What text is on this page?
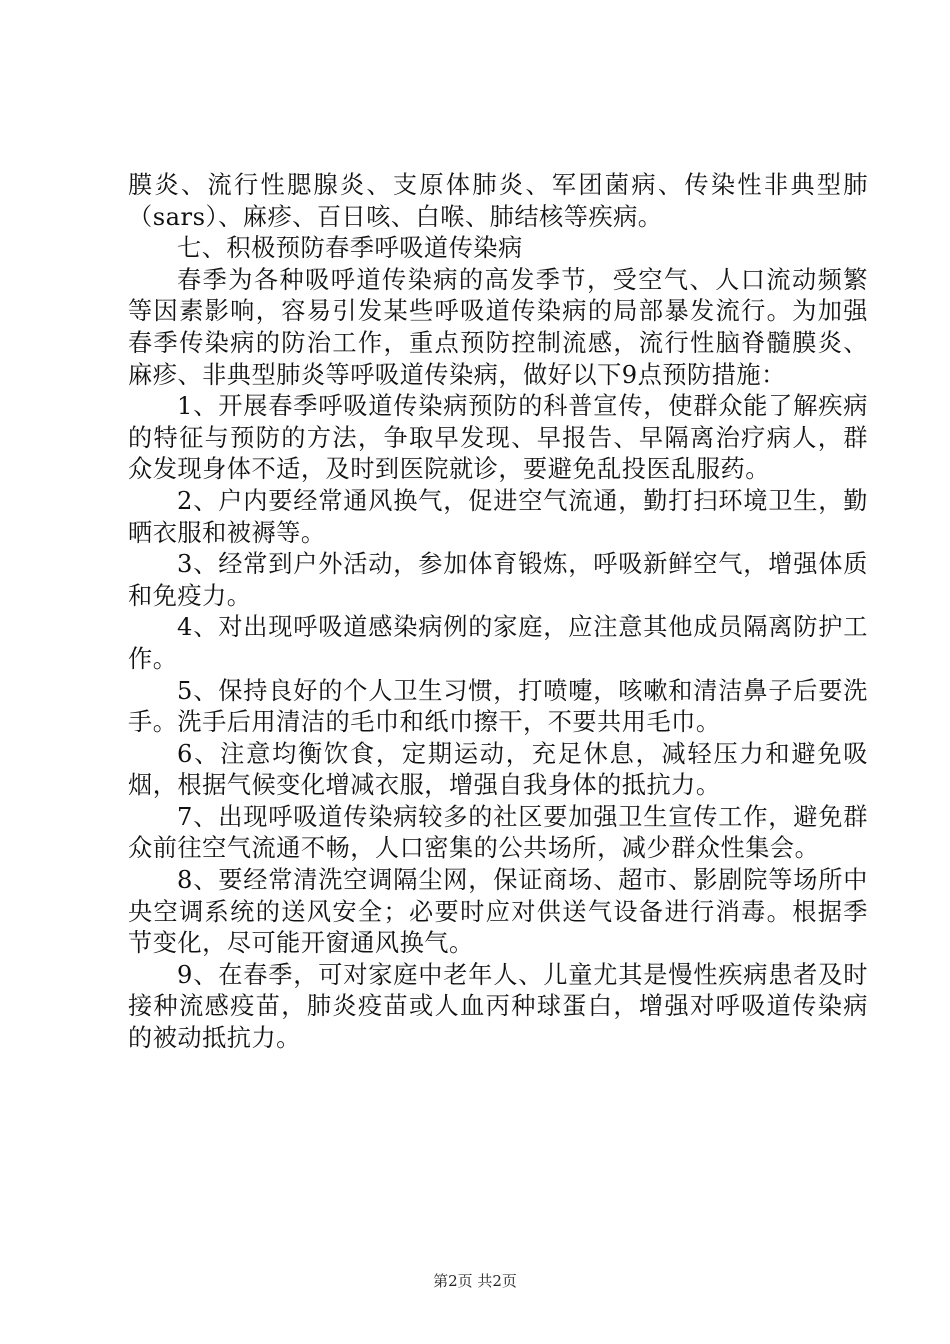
膜炎、流行性腮腺炎、支原体肺炎、军团菌病、传染性非典型肺（sars）、麻疹、百日咳、白喉、肺结核等疾病。

七、积极预防春季呼吸道传染病

春季为各种吸呼道传染病的高发季节，受空气、人口流动频繁等因素影响，容易引发某些呼吸道传染病的局部暴发流行。为加强春季传染病的防治工作，重点预防控制流感，流行性脑脊髓膜炎、麻疹、非典型肺炎等呼吸道传染病，做好以下9点预防措施：

1、开展春季呼吸道传染病预防的科普宣传，使群众能了解疾病的特征与预防的方法，争取早发现、早报告、早隔离治疗病人，群众发现身体不适，及时到医院就诊，要避免乱投医乱服药。

2、户内要经常通风换气，促进空气流通，勤打扫环境卫生，勤晒衣服和被褥等。

3、经常到户外活动，参加体育锻炼，呼吸新鲜空气，增强体质和免疫力。

4、对出现呼吸道感染病例的家庭，应注意其他成员隔离防护工作。

5、保持良好的个人卫生习惯，打喷嚏，咳嗽和清洁鼻子后要洗手。洗手后用清洁的毛巾和纸巾擦干，不要共用毛巾。

6、注意均衡饮食，定期运动，充足休息，减轻压力和避免吸烟，根据气候变化增减衣服，增强自我身体的抵抗力。

7、出现呼吸道传染病较多的社区要加强卫生宣传工作，避免群众前往空气流通不畅，人口密集的公共场所，减少群众性集会。

8、要经常清洗空调隔尘网，保证商场、超市、影剧院等场所中央空调系统的送风安全；必要时应对供送气设备进行消毒。根据季节变化，尽可能开窗通风换气。

9、在春季，可对家庭中老年人、儿童尤其是慢性疾病患者及时接种流感疫苗，肺炎疫苗或人血丙种球蛋白，增强对呼吸道传染病的被动抵抗力。

第2页 共2页
